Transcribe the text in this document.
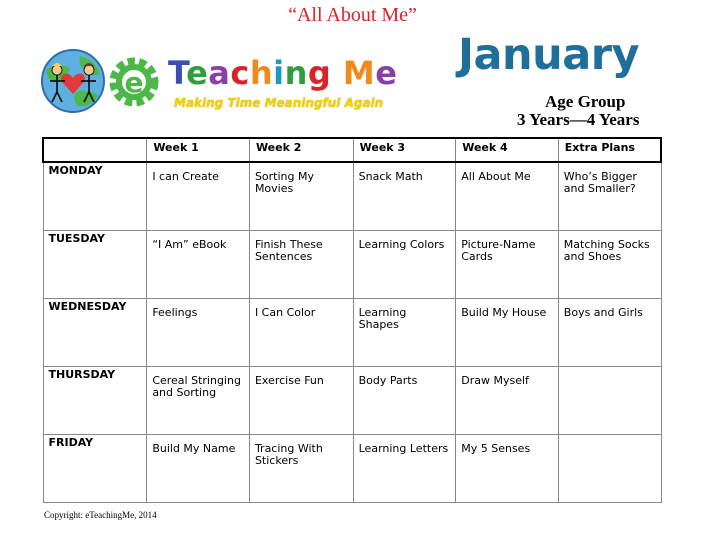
“All About Me”
e Teaching Me
Making Time Meaningful Again
January
Age Group
3 Years—4 Years
	Week 1	Week 2	Week 3	Week 4	Extra Plans
MONDAY	I can Create	Sorting My Movies	Snack Math	All About Me	Who’s Bigger and Smaller?
TUESDAY	“I Am” eBook	Finish These Sentences	Learning Colors	Picture-Name Cards	Matching Socks and Shoes
WEDNESDAY	Feelings	I Can Color	Learning Shapes	Build My House	Boys and Girls
THURSDAY	Cereal Stringing and Sorting	Exercise Fun	Body Parts	Draw Myself	
FRIDAY	Build My Name	Tracing With Stickers	Learning Letters	My 5 Senses	
Copyright: eTeachingMe, 2014
